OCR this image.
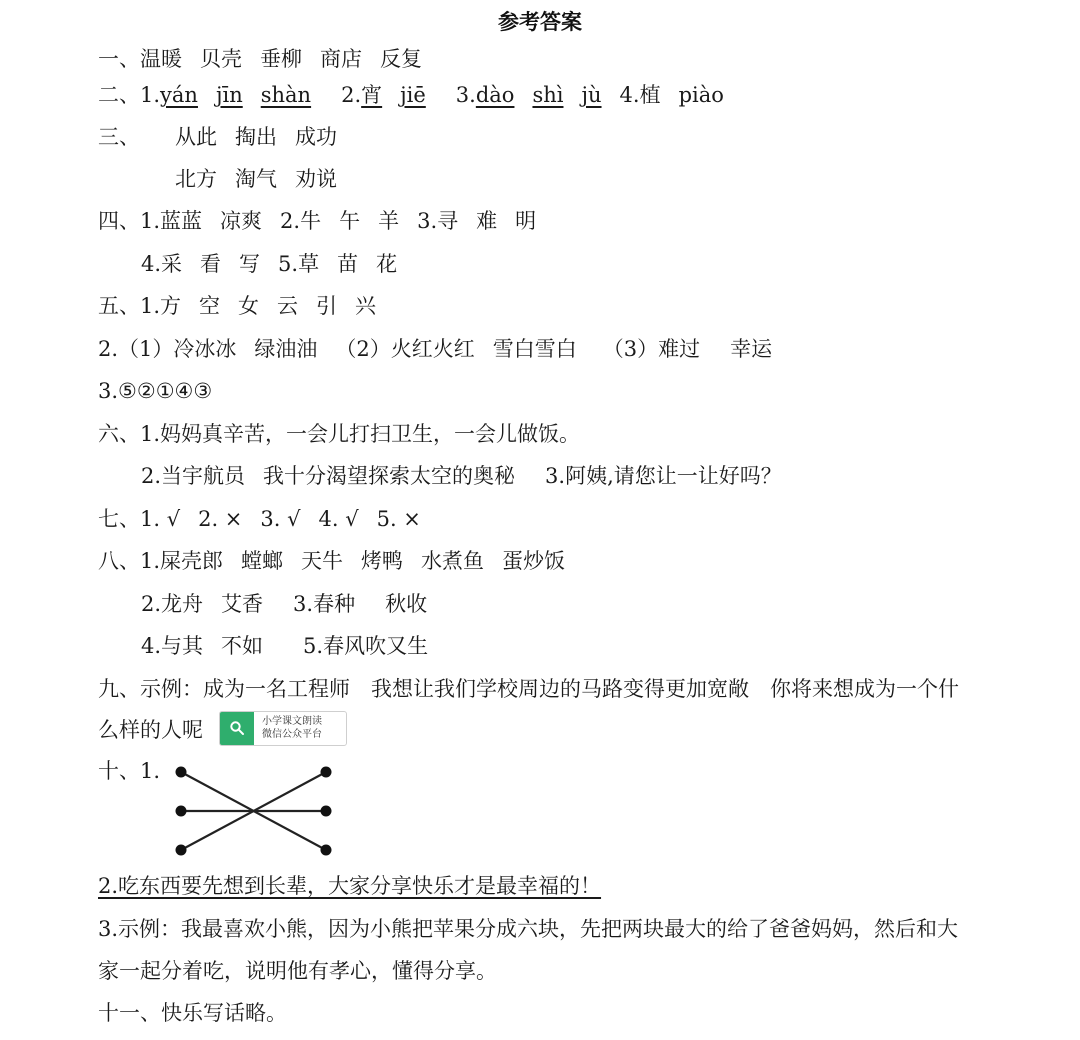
参考答案
一、温暖 贝壳 垂柳 商店 反复
二、1.yán jīn shàn 2.宵 jiē 3.dào shì jù 4.植 piào
三、 从此 掏出 成功
北方 淘气 劝说
四、1.蓝蓝 凉爽 2.牛 午 羊 3.寻 难 明
4.采 看 写 5.草 苗 花
五、1.方 空 女 云 引 兴
2.（1）冷冰冰 绿油油 （2）火红火红 雪白雪白 （3）难过 幸运
3.⑤②①④③
六、1.妈妈真辛苦，一会儿打扫卫生，一会儿做饭。
2.当宇航员 我十分渴望探索太空的奥秘 3.阿姨,请您让一让好吗？
七、1. √ 2. × 3. √ 4. √ 5. ×
八、1.屎壳郎 螳螂 天牛 烤鸭 水煮鱼 蛋炒饭
2.龙舟 艾香 3.春种 秋收
4.与其 不如 5.春风吹又生
九、示例：成为一名工程师　我想让我们学校周边的马路变得更加宽敞　你将来想成为一个什
么样的人呢	小学课文朗读
微信公众平台
十、1.
2.吃东西要先想到长辈，大家分享快乐才是最幸福的！
3.示例：我最喜欢小熊，因为小熊把苹果分成六块，先把两块最大的给了爸爸妈妈，然后和大
家一起分着吃，说明他有孝心，懂得分享。
十一、快乐写话略。
